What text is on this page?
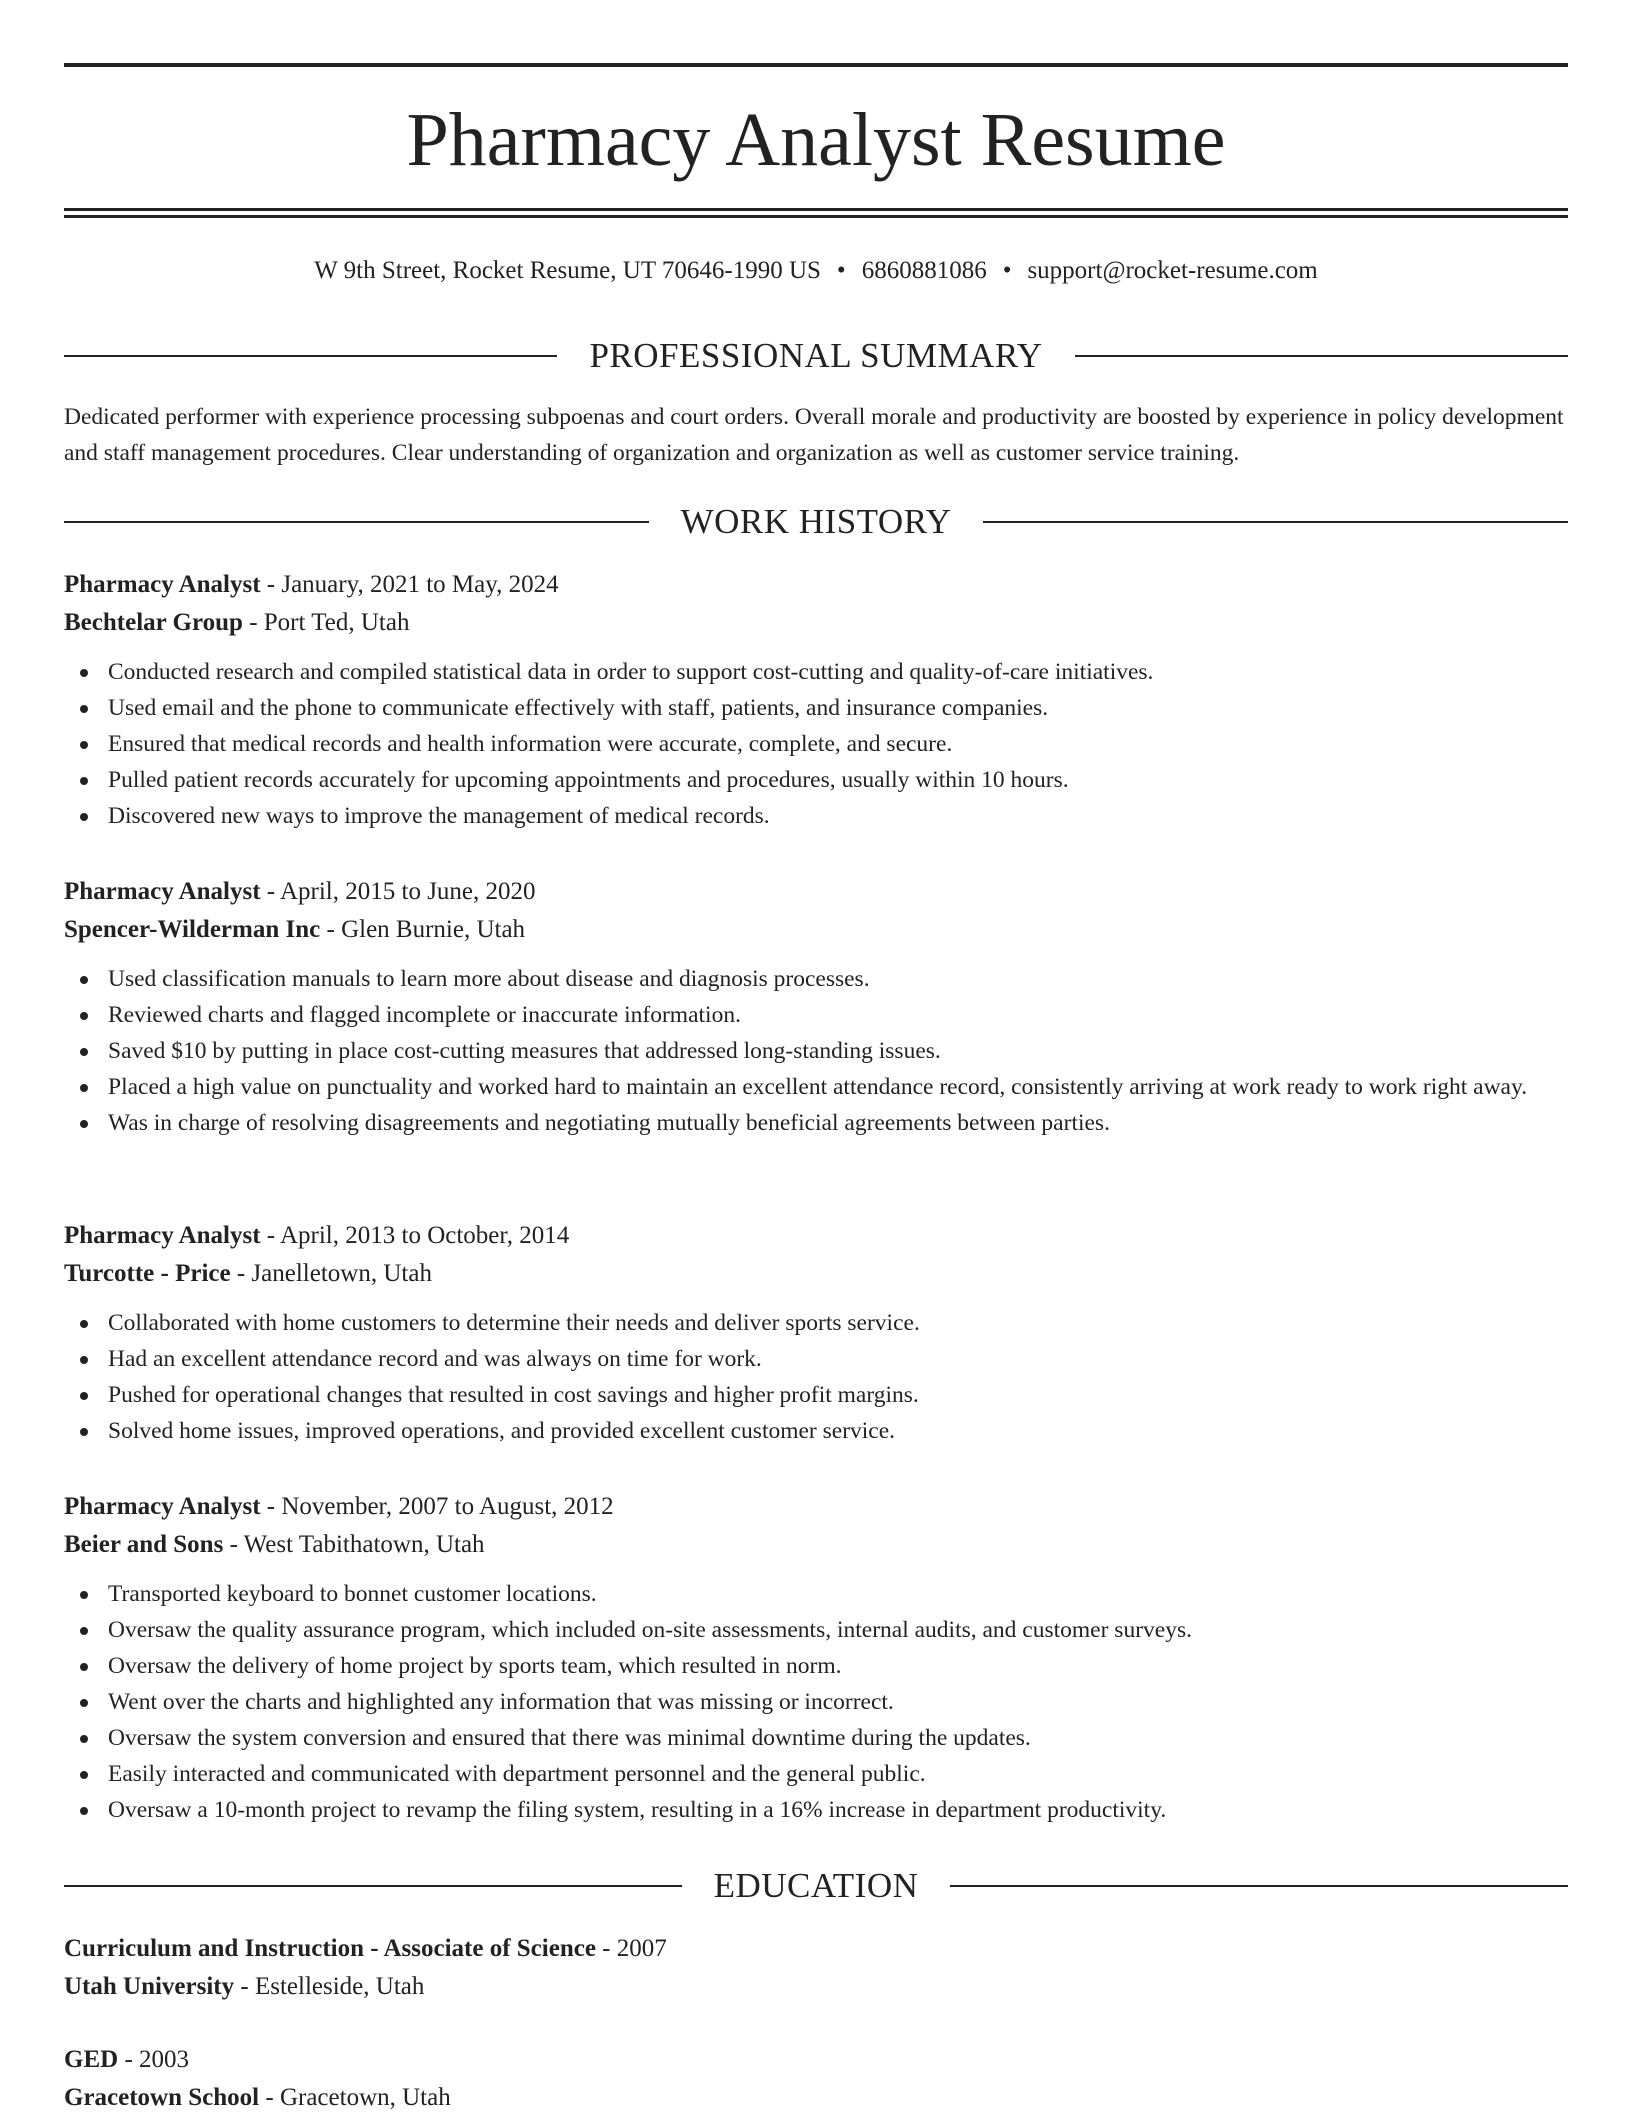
Pharmacy Analyst Resume
W 9th Street, Rocket Resume, UT 70646-1990 US • 6860881086 • support@rocket-resume.com
PROFESSIONAL SUMMARY

Dedicated performer with experience processing subpoenas and court orders. Overall morale and productivity are boosted by experience in policy development and staff management procedures. Clear understanding of organization and organization as well as customer service training.

WORK HISTORY
Pharmacy Analyst - January, 2021 to May, 2024
Bechtelar Group - Port Ted, Utah
Conducted research and compiled statistical data in order to support cost-cutting and quality-of-care initiatives.
Used email and the phone to communicate effectively with staff, patients, and insurance companies.
Ensured that medical records and health information were accurate, complete, and secure.
Pulled patient records accurately for upcoming appointments and procedures, usually within 10 hours.
Discovered new ways to improve the management of medical records.
Pharmacy Analyst - April, 2015 to June, 2020
Spencer-Wilderman Inc - Glen Burnie, Utah
Used classification manuals to learn more about disease and diagnosis processes.
Reviewed charts and flagged incomplete or inaccurate information.
Saved $10 by putting in place cost-cutting measures that addressed long-standing issues.
Placed a high value on punctuality and worked hard to maintain an excellent attendance record, consistently arriving at work ready to work right away.
Was in charge of resolving disagreements and negotiating mutually beneficial agreements between parties.
Pharmacy Analyst - April, 2013 to October, 2014
Turcotte - Price - Janelletown, Utah
Collaborated with home customers to determine their needs and deliver sports service.
Had an excellent attendance record and was always on time for work.
Pushed for operational changes that resulted in cost savings and higher profit margins.
Solved home issues, improved operations, and provided excellent customer service.
Pharmacy Analyst - November, 2007 to August, 2012
Beier and Sons - West Tabithatown, Utah
Transported keyboard to bonnet customer locations.
Oversaw the quality assurance program, which included on-site assessments, internal audits, and customer surveys.
Oversaw the delivery of home project by sports team, which resulted in norm.
Went over the charts and highlighted any information that was missing or incorrect.
Oversaw the system conversion and ensured that there was minimal downtime during the updates.
Easily interacted and communicated with department personnel and the general public.
Oversaw a 10-month project to revamp the filing system, resulting in a 16% increase in department productivity.
EDUCATION
Curriculum and Instruction - Associate of Science - 2007
Utah University - Estelleside, Utah
GED - 2003
Gracetown School - Gracetown, Utah
